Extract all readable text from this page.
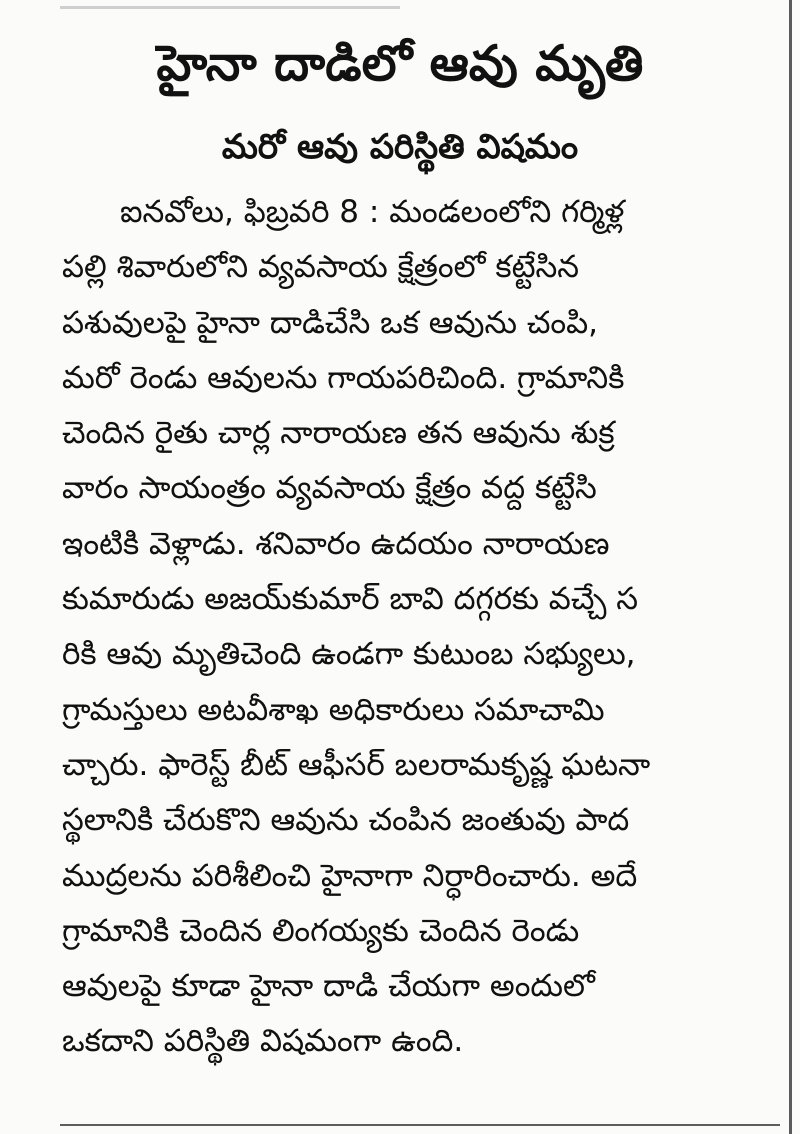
హైనా దాడిలో ఆవు మృతి
మరో ఆవు పరిస్థితి విషమం
ఐనవోలు, ఫిబ్రవరి 8 : మండలంలోని గర్మిళ్ల
పల్లి శివారులోని వ్యవసాయ క్షేత్రంలో కట్టేసిన
పశువులపై హైనా దాడిచేసి ఒక ఆవును చంపి,
మరో రెండు ఆవులను గాయపరిచింది. గ్రామానికి
చెందిన రైతు చార్ల నారాయణ తన ఆవును శుక్ర
వారం సాయంత్రం వ్యవసాయ క్షేత్రం వద్ద కట్టేసి
ఇంటికి వెళ్లాడు. శనివారం ఉదయం నారాయణ
కుమారుడు అజయ్‌కుమార్ బావి దగ్గరకు వచ్చే స
రికి ఆవు మృతిచెంది ఉండగా కుటుంబ సభ్యులు,
గ్రామస్తులు అటవీశాఖ అధికారులు సమాచామి
చ్చారు. ఫారెస్ట్ బీట్ ఆఫీసర్ బలరామకృష్ణ ఘటనా
స్థలానికి చేరుకొని ఆవును చంపిన జంతువు పాద
ముద్రలను పరిశీలించి హైనాగా నిర్ధారించారు. అదే
గ్రామానికి చెందిన లింగయ్యకు చెందిన రెండు
ఆవులపై కూడా హైనా దాడి చేయగా అందులో
ఒకదాని పరిస్థితి విషమంగా ఉంది.
